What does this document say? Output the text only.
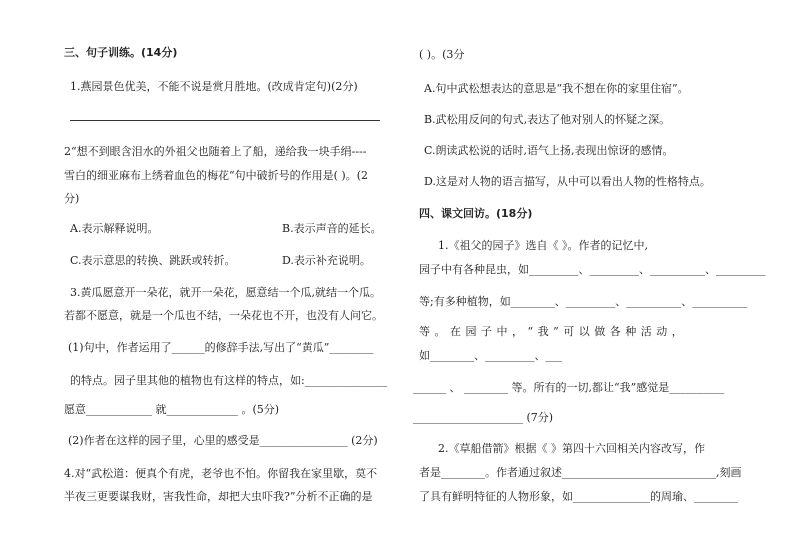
三、句子训练。(14分)
1.燕园景色优美，不能不说是赏月胜地。(改成肯定句)(2分)
2“想不到眼含泪水的外祖父也随着上了船，递给我一块手绢----
雪白的细亚麻布上绣着血色的梅花“句中破折号的作用是( )。(2
分)
A.表示解释说明。	B.表示声音的延长。
C.表示意思的转换、跳跃或转折。	D.表示补充说明。
3.黄瓜愿意开一朵花，就开一朵花，愿意结一个瓜,就结一个瓜。
若都不愿意，就是一个瓜也不结，一朵花也不开，也没有人问它。
(1)句中，作者运用了______的修辞手法,写出了“黄瓜”________
的特点。园子里其他的植物也有这样的特点，如:_______________
愿意____________ 就_____________ 。(5分)
(2)作者在这样的园子里，心里的感受是________________ (2分)
4.对“武松道：便真个有虎，老爷也不怕。你留我在家里歇，莫不
半夜三更要谋我财，害我性命，却把大虫吓我?”分析不正确的是
( )。(3分
A.句中武松想表达的意思是“我不想在你的家里住宿”。
B.武松用反问的句式,表达了他对别人的怀疑之深。
C.朗读武松说的话时,语气上扬,表现出惊讶的感情。
D.这是对人物的语言描写，从中可以看出人物的性格特点。
四、课文回访。(18分)
1.《祖父的园子》选自《 》。作者的记忆中,
园子中有各种昆虫，如_________、_________、__________、_________
等;有多种植物，如________、_________、__________、__________
等。在园子中，“我”可以做各种活动，
如________、_________、___
______ 、 ________ 等。所有的一切,都让“我”感觉是__________
____________________ (7分)
2.《草船借箭》根据《 》第四十六回相关内容改写，作
者是________。作者通过叙述____________________________,刻画
了具有鲜明特征的人物形象，如______________的周瑜、________
